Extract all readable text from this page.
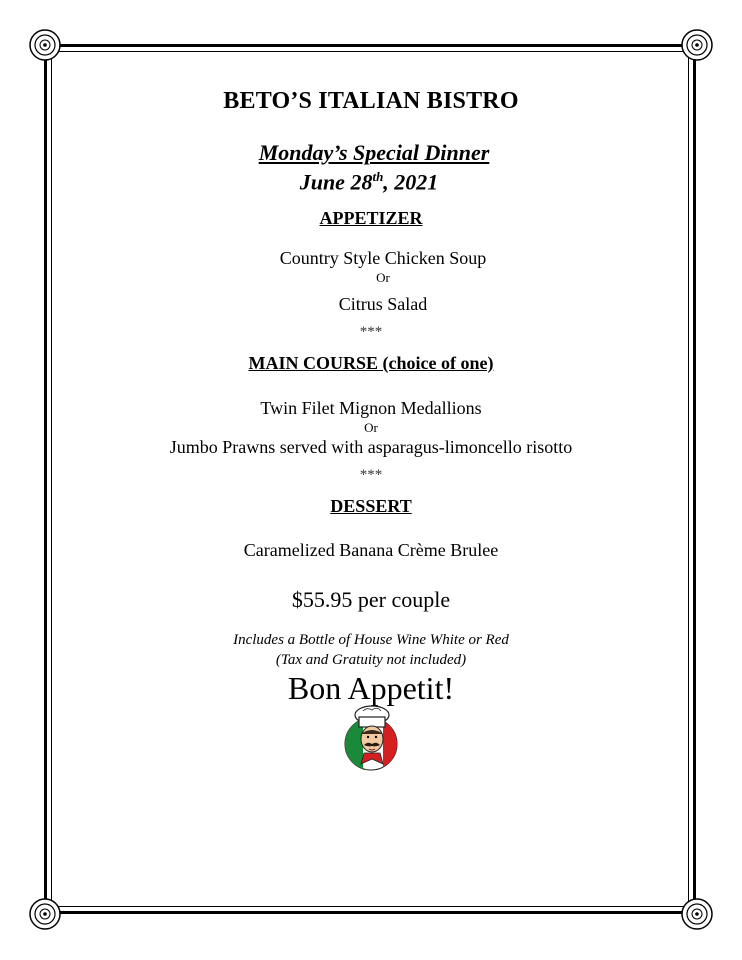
BETO’S ITALIAN BISTRO
Monday’s Special Dinner
June 28th, 2021
APPETIZER
Country Style Chicken Soup
Or
Citrus Salad
***
MAIN COURSE (choice of one)
Twin Filet Mignon Medallions
Or
Jumbo Prawns served with asparagus-limoncello risotto
***
DESSERT
Caramelized Banana Crème Brulee
$55.95 per couple
Includes a Bottle of House Wine White or Red
(Tax and Gratuity not included)
Bon Appetit!
